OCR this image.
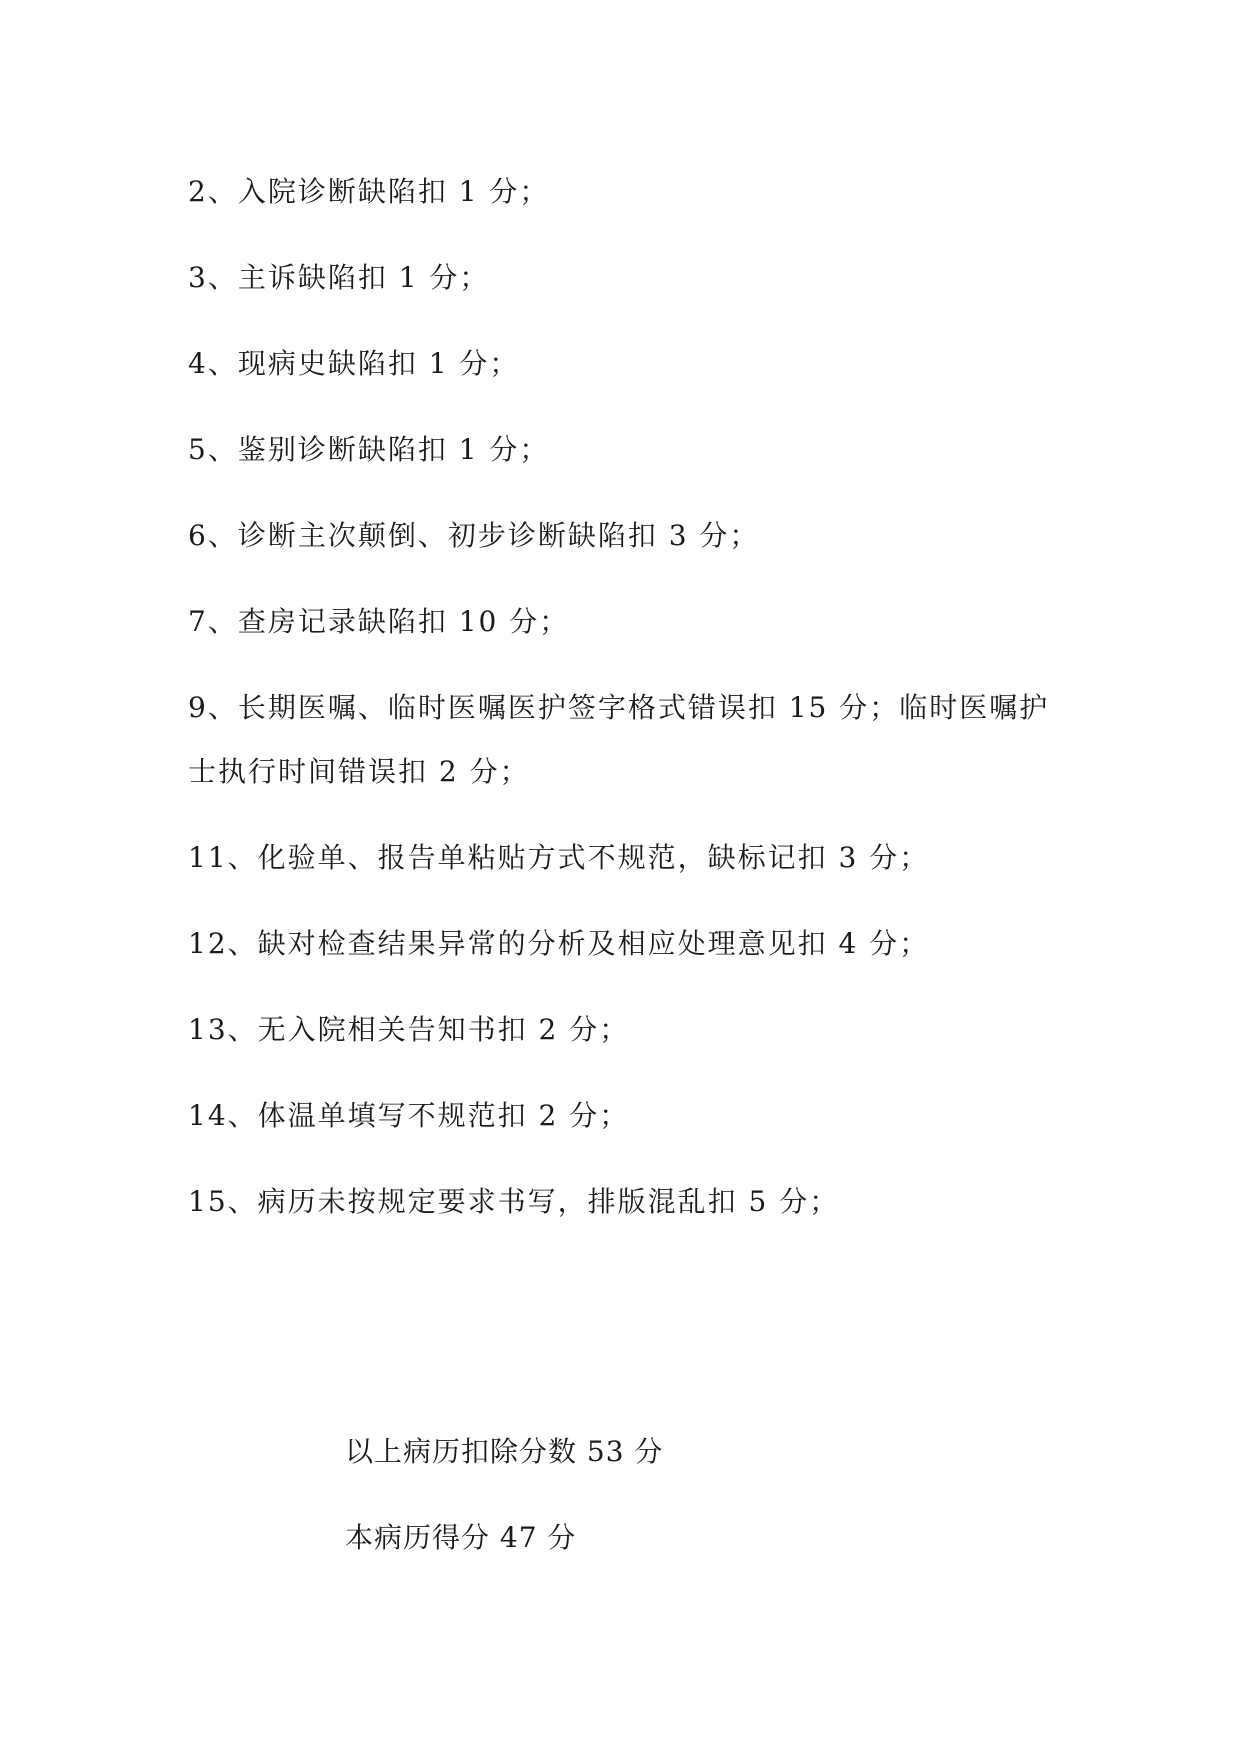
2、入院诊断缺陷扣 1 分；

3、主诉缺陷扣 1 分；

4、现病史缺陷扣 1 分；

5、鉴别诊断缺陷扣 1 分；

6、诊断主次颠倒、初步诊断缺陷扣 3 分；

7、查房记录缺陷扣 10 分；

9、长期医嘱、临时医嘱医护签字格式错误扣 15 分；临时医嘱护士执行时间错误扣 2 分；

11、化验单、报告单粘贴方式不规范，缺标记扣 3 分；

12、缺对检查结果异常的分析及相应处理意见扣 4 分；

13、无入院相关告知书扣 2 分；

14、体温单填写不规范扣 2 分；

15、病历未按规定要求书写，排版混乱扣 5 分；

以上病历扣除分数 53 分

本病历得分 47 分
